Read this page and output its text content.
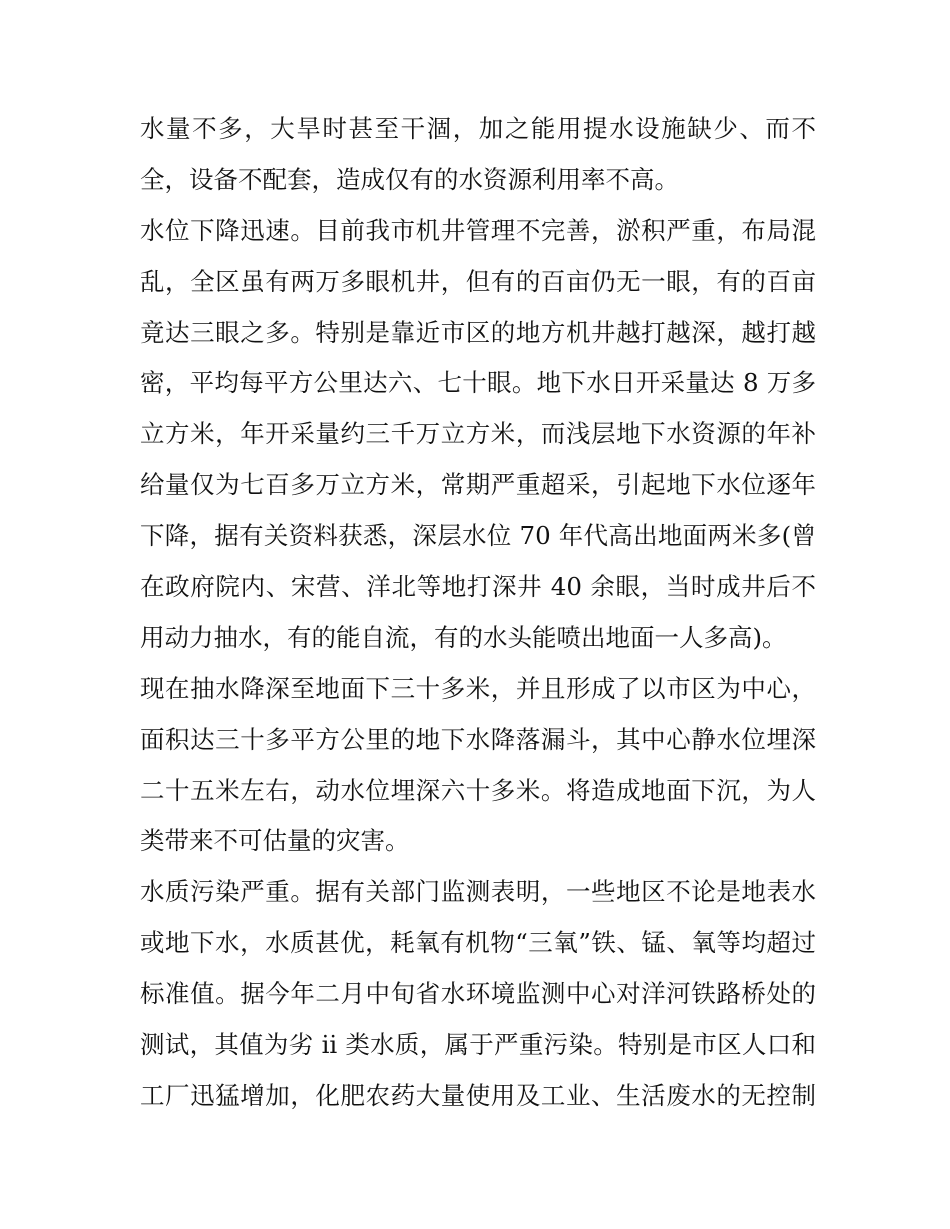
水量不多，大旱时甚至干涸，加之能用提水设施缺少、而不
全，设备不配套，造成仅有的水资源利用率不高。
水位下降迅速。目前我市机井管理不完善，淤积严重，布局混
乱，全区虽有两万多眼机井，但有的百亩仍无一眼，有的百亩
竟达三眼之多。特别是靠近市区的地方机井越打越深，越打越
密，平均每平方公里达六、七十眼。地下水日开采量达 8 万多
立方米，年开采量约三千万立方米，而浅层地下水资源的年补
给量仅为七百多万立方米，常期严重超采，引起地下水位逐年
下降，据有关资料获悉，深层水位 70 年代高出地面两米多(曾
在政府院内、宋营、洋北等地打深井 40 余眼，当时成井后不
用动力抽水，有的能自流，有的水头能喷出地面一人多高)。
现在抽水降深至地面下三十多米，并且形成了以市区为中心，
面积达三十多平方公里的地下水降落漏斗，其中心静水位埋深
二十五米左右，动水位埋深六十多米。将造成地面下沉，为人
类带来不可估量的灾害。
水质污染严重。据有关部门监测表明，一些地区不论是地表水
或地下水，水质甚优，耗氧有机物“三氧”铁、锰、氧等均超过
标准值。据今年二月中旬省水环境监测中心对洋河铁路桥处的
测试，其值为劣 ii 类水质，属于严重污染。特别是市区人口和
工厂迅猛增加，化肥农药大量使用及工业、生活废水的无控制
